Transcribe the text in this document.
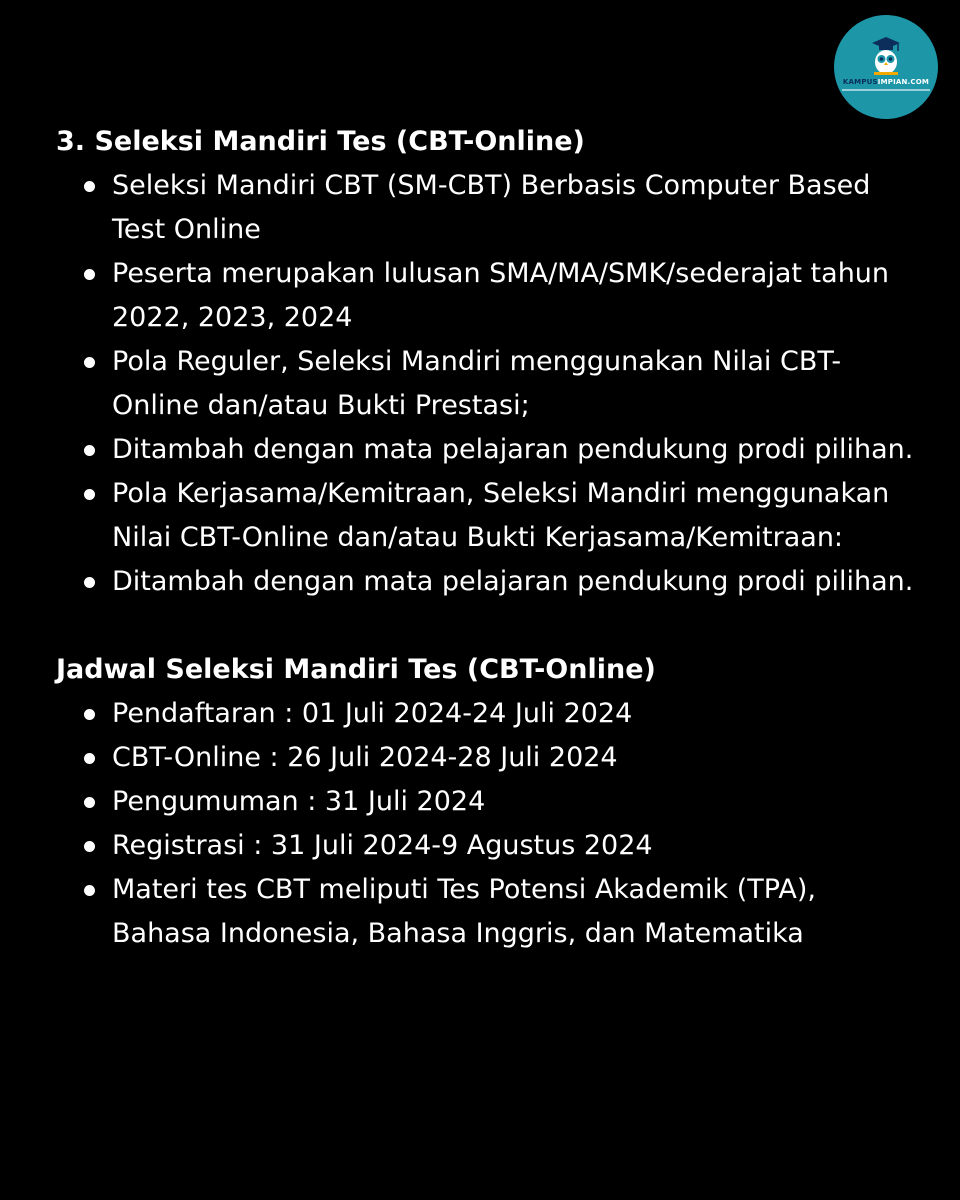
KAMPUSIMPIAN.COM
3. Seleksi Mandiri Tes (CBT-Online)
Seleksi Mandiri CBT (SM-CBT) Berbasis Computer Based Test Online
Peserta merupakan lulusan SMA/MA/SMK/sederajat tahun 2022, 2023, 2024
Pola Reguler, Seleksi Mandiri menggunakan Nilai CBT-Online dan/atau Bukti Prestasi;
Ditambah dengan mata pelajaran pendukung prodi pilihan.
Pola Kerjasama/Kemitraan, Seleksi Mandiri menggunakan Nilai CBT-Online dan/atau Bukti Kerjasama/Kemitraan:
Ditambah dengan mata pelajaran pendukung prodi pilihan.
Jadwal Seleksi Mandiri Tes (CBT-Online)
Pendaftaran : 01 Juli 2024-24 Juli 2024
CBT-Online : 26 Juli 2024-28 Juli 2024
Pengumuman : 31 Juli 2024
Registrasi : 31 Juli 2024-9 Agustus 2024
Materi tes CBT meliputi Tes Potensi Akademik (TPA), Bahasa Indonesia, Bahasa Inggris, dan Matematika
